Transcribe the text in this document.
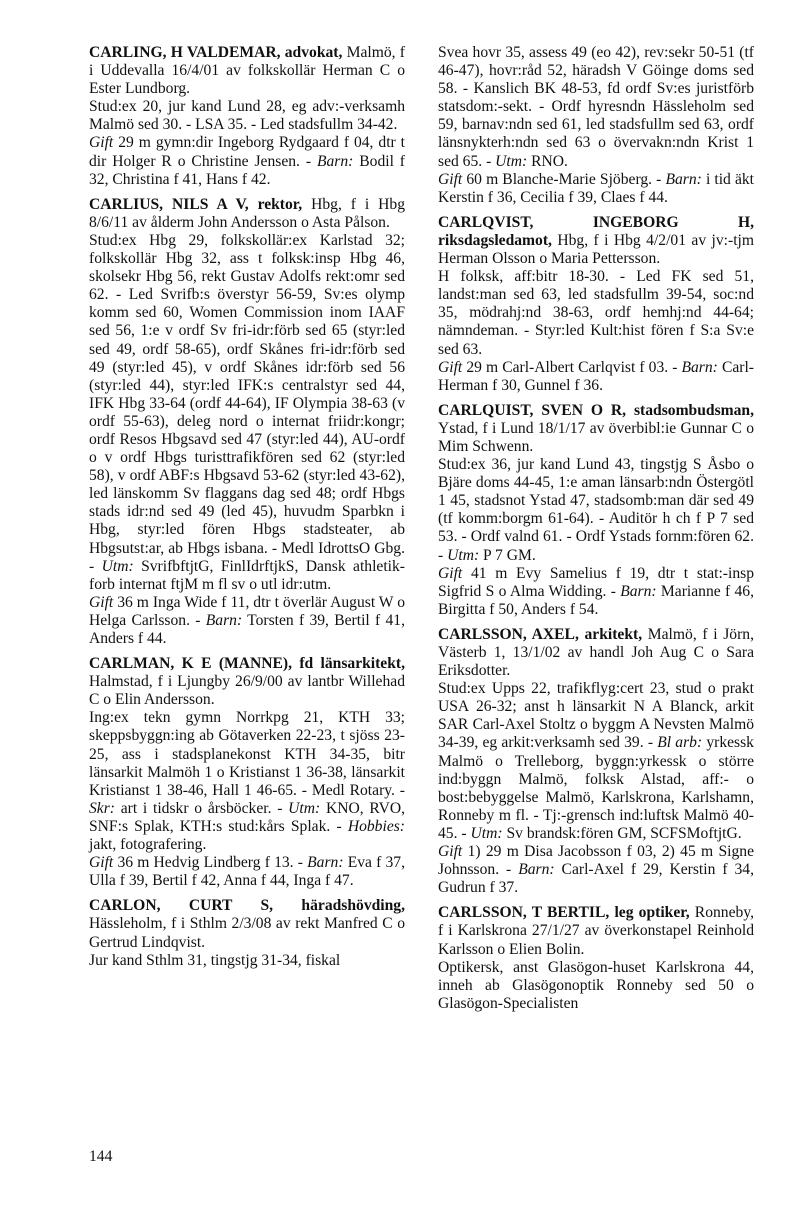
CARLING, H VALDEMAR, advokat, Malmö, f i Uddevalla 16/4/01 av folkskollär Herman C o Ester Lundborg.
Stud:ex 20, jur kand Lund 28, eg adv:-verksamh Malmö sed 30. - LSA 35. - Led stadsfullm 34-42.
Gift 29 m gymn:dir Ingeborg Rydgaard f 04, dtr t dir Holger R o Christine Jensen. - Barn: Bodil f 32, Christina f 41, Hans f 42.
CARLIUS, NILS A V, rektor, Hbg, f i Hbg 8/6/11 av ålderm John Andersson o Asta Pålson.
Stud:ex Hbg 29, folkskollär:ex Karlstad 32; folkskollär Hbg 32, ass t folksk:insp Hbg 46, skolsekr Hbg 56, rekt Gustav Adolfs rekt:omr sed 62. - Led Svrifb:s överstyr 56-59, Sv:es olymp komm sed 60, Women Commission inom IAAF sed 56, 1:e v ordf Sv fri-idr:förb sed 65 (styr:led sed 49, ordf 58-65), ordf Skånes fri-idr:förb sed 49 (styr:led 45), v ordf Skånes idr:förb sed 56 (styr:led 44), styr:led IFK:s centralstyr sed 44, IFK Hbg 33-64 (ordf 44-64), IF Olympia 38-63 (v ordf 55-63), deleg nord o internat friidr:kongr; ordf Resos Hbgsavd sed 47 (styr:led 44), AU-ordf o v ordf Hbgs turisttrafikfören sed 62 (styr:led 58), v ordf ABF:s Hbgsavd 53-62 (styr:led 43-62), led länskomm Sv flaggans dag sed 48; ordf Hbgs stads idr:nd sed 49 (led 45), huvudm Sparbkn i Hbg, styr:led fören Hbgs stadsteater, ab Hbgsutst:ar, ab Hbgs isbana. - Medl IdrottsO Gbg. - Utm: SvrifbftjtG, FinlIdrftjkS, Dansk athletik-forb internat ftjM m fl sv o utl idr:utm.
Gift 36 m Inga Wide f 11, dtr t överlär August W o Helga Carlsson. - Barn: Torsten f 39, Bertil f 41, Anders f 44.
CARLMAN, K E (MANNE), fd länsarkitekt, Halmstad, f i Ljungby 26/9/00 av lantbr Willehad C o Elin Andersson.
Ing:ex tekn gymn Norrkpg 21, KTH 33; skeppsbyggn:ing ab Götaverken 22-23, t sjöss 23-25, ass i stadsplanekonst KTH 34-35, bitr länsarkit Malmöh 1 o Kristianst 1 36-38, länsarkit Kristianst 1 38-46, Hall 1 46-65. - Medl Rotary. - Skr: art i tidskr o årsböcker. - Utm: KNO, RVO, SNF:s Splak, KTH:s stud:kårs Splak. - Hobbies: jakt, fotografering.
Gift 36 m Hedvig Lindberg f 13. - Barn: Eva f 37, Ulla f 39, Bertil f 42, Anna f 44, Inga f 47.
CARLON, CURT S, häradshövding, Hässleholm, f i Sthlm 2/3/08 av rekt Manfred C o Gertrud Lindqvist.
Jur kand Sthlm 31, tingstjg 31-34, fiskal
Svea hovr 35, assess 49 (eo 42), rev:sekr 50-51 (tf 46-47), hovr:råd 52, häradsh V Göinge doms sed 58. - Kanslich BK 48-53, fd ordf Sv:es juristförb statsdom:-sekt. - Ordf hyresndn Hässleholm sed 59, barnav:ndn sed 61, led stadsfullm sed 63, ordf länsnykterh:ndn sed 63 o övervakn:ndn Krist 1 sed 65. - Utm: RNO.
Gift 60 m Blanche-Marie Sjöberg. - Barn: i tid äkt Kerstin f 36, Cecilia f 39, Claes f 44.
CARLQVIST, INGEBORG H, riksdagsledamot, Hbg, f i Hbg 4/2/01 av jv:-tjm Herman Olsson o Maria Pettersson.
H folksk, aff:bitr 18-30. - Led FK sed 51, landst:man sed 63, led stadsfullm 39-54, soc:nd 35, mödrahj:nd 38-63, ordf hemhj:nd 44-64; nämndeman. - Styr:led Kult:hist fören f S:a Sv:e sed 63.
Gift 29 m Carl-Albert Carlqvist f 03. - Barn: Carl-Herman f 30, Gunnel f 36.
CARLQUIST, SVEN O R, stadsombudsman, Ystad, f i Lund 18/1/17 av överbibl:ie Gunnar C o Mim Schwenn.
Stud:ex 36, jur kand Lund 43, tingstjg S Åsbo o Bjäre doms 44-45, 1:e aman länsarb:ndn Östergötl 1 45, stadsnot Ystad 47, stadsomb:man där sed 49 (tf komm:borgm 61-64). - Auditör h ch f P 7 sed 53. - Ordf valnd 61. - Ordf Ystads fornm:fören 62. - Utm: P 7 GM.
Gift 41 m Evy Samelius f 19, dtr t stat:-insp Sigfrid S o Alma Widding. - Barn: Marianne f 46, Birgitta f 50, Anders f 54.
CARLSSON, AXEL, arkitekt, Malmö, f i Jörn, Västerb 1, 13/1/02 av handl Joh Aug C o Sara Eriksdotter.
Stud:ex Upps 22, trafikflyg:cert 23, stud o prakt USA 26-32; anst h länsarkit N A Blanck, arkit SAR Carl-Axel Stoltz o byggm A Nevsten Malmö 34-39, eg arkit:verksamh sed 39. - Bl arb: yrkessk Malmö o Trelleborg, byggn:yrkessk o större ind:byggn Malmö, folksk Alstad, aff:- o bost:bebyggelse Malmö, Karlskrona, Karlshamn, Ronneby m fl. - Tj:-grensch ind:luftsk Malmö 40-45. - Utm: Sv brandsk:fören GM, SCFSMoftjtG.
Gift 1) 29 m Disa Jacobsson f 03, 2) 45 m Signe Johnsson. - Barn: Carl-Axel f 29, Kerstin f 34, Gudrun f 37.
CARLSSON, T BERTIL, leg optiker, Ronneby, f i Karlskrona 27/1/27 av överkonstapel Reinhold Karlsson o Elien Bolin.
Optikersk, anst Glasögon-huset Karlskrona 44, inneh ab Glasögonoptik Ronneby sed 50 o Glasögon-Specialisten
144
